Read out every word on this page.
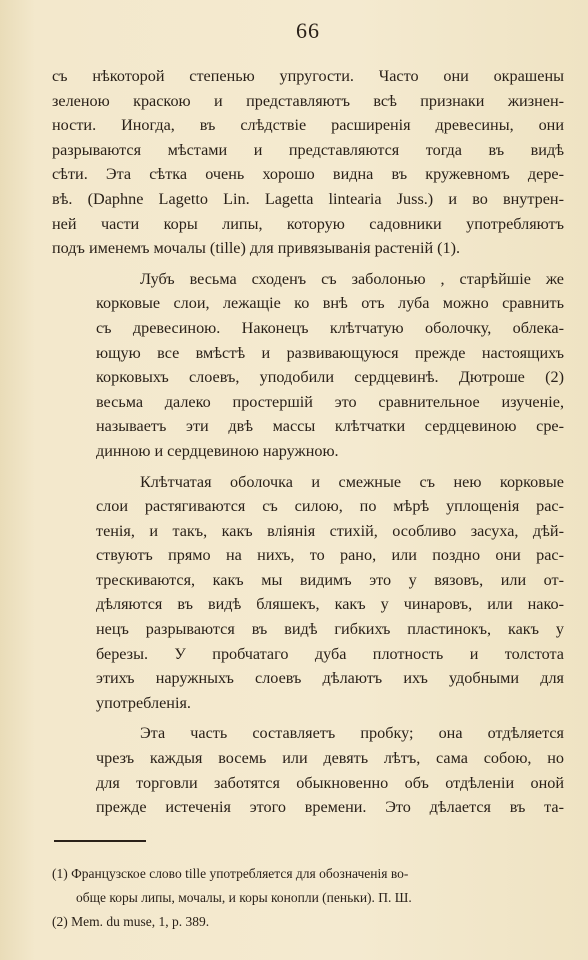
66

съ нѣкоторой степенью упругости. Часто они окрашены
зеленою краскою и представляютъ всѣ признаки жизнен-
ности. Иногда, въ слѣдствіе расширенія древесины, они
разрываются мѣстами и представляются тогда въ видѣ
сѣти. Эта сѣтка очень хорошо видна въ кружевномъ дере-
вѣ. (Daphne Lagetto Lin. Lagetta linteаria Juss.) и во внутрен-
ней части коры липы, которую садовники употребляютъ
подъ именемъ мочалы (tille) для привязыванія растеній (1).

Лубъ весьма сходенъ съ заболонью , старѣйшіе же
корковые слои, лежащіе ко внѣ отъ луба можно сравнить
съ древесиною. Наконецъ клѣтчатую оболочку, облека-
ющую все вмѣстѣ и развивающуюся прежде настоящихъ
корковыхъ слоевъ, уподобили сердцевинѣ. Дютроше (2)
весьма далеко простершій это сравнительное изученіе,
называетъ эти двѣ массы клѣтчатки сердцевиною сре-
динною и сердцевиною наружною.

Клѣтчатая оболочка и смежные съ нею корковые
слои растягиваются съ силою, по мѣрѣ уплощенія рас-
тенія, и такъ, какъ вліянія стихій, особливо засуха, дѣй-
ствуютъ прямо на нихъ, то рано, или поздно они рас-
трескиваются, какъ мы видимъ это у вязовъ, или от-
дѣляются въ видѣ бляшекъ, какъ у чинаровъ, или нако-
нецъ разрываются въ видѣ гибкихъ пластинокъ, какъ у
березы. У пробчатаго дуба плотность и толстота
этихъ наружныхъ слоевъ дѣлаютъ ихъ удобными для
употребленія.

Эта часть составляетъ пробку; она отдѣляется
чрезъ каждыя восемь или девять лѣтъ, сама собою, но
для торговли заботятся обыкновенно объ отдѣленіи оной
прежде истеченія этого времени. Это дѣлается въ та-

(1) Французское слово tille употребляется для обозначенія во-
обще коры липы, мочалы, и коры конопли (пеньки). П. Ш.
(2) Mem. du muse, 1, p. 389.
